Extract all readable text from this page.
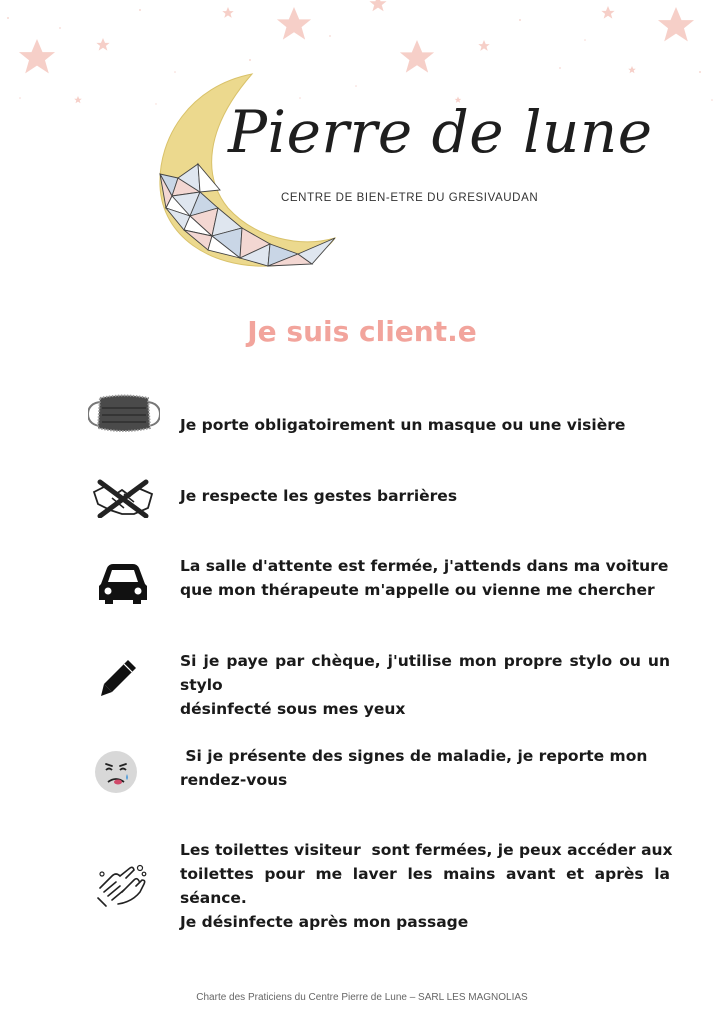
Pierre de lune
CENTRE DE BIEN-ETRE DU GRESIVAUDAN
Je suis client.e
Je porte obligatoirement un masque ou une visière
Je respecte les gestes barrières
La salle d'attente est fermée, j'attends dans ma voiture
que mon thérapeute m'appelle ou vienne me chercher
Si je paye par chèque, j'utilise mon propre stylo ou un stylo
désinfecté sous mes yeux
Si je présente des signes de maladie, je reporte mon
rendez-vous
Les toilettes visiteur  sont fermées, je peux accéder aux
toilettes pour me laver les mains avant et après la séance.
Je désinfecte après mon passage
Charte des Praticiens du Centre Pierre de Lune – SARL LES MAGNOLIAS
